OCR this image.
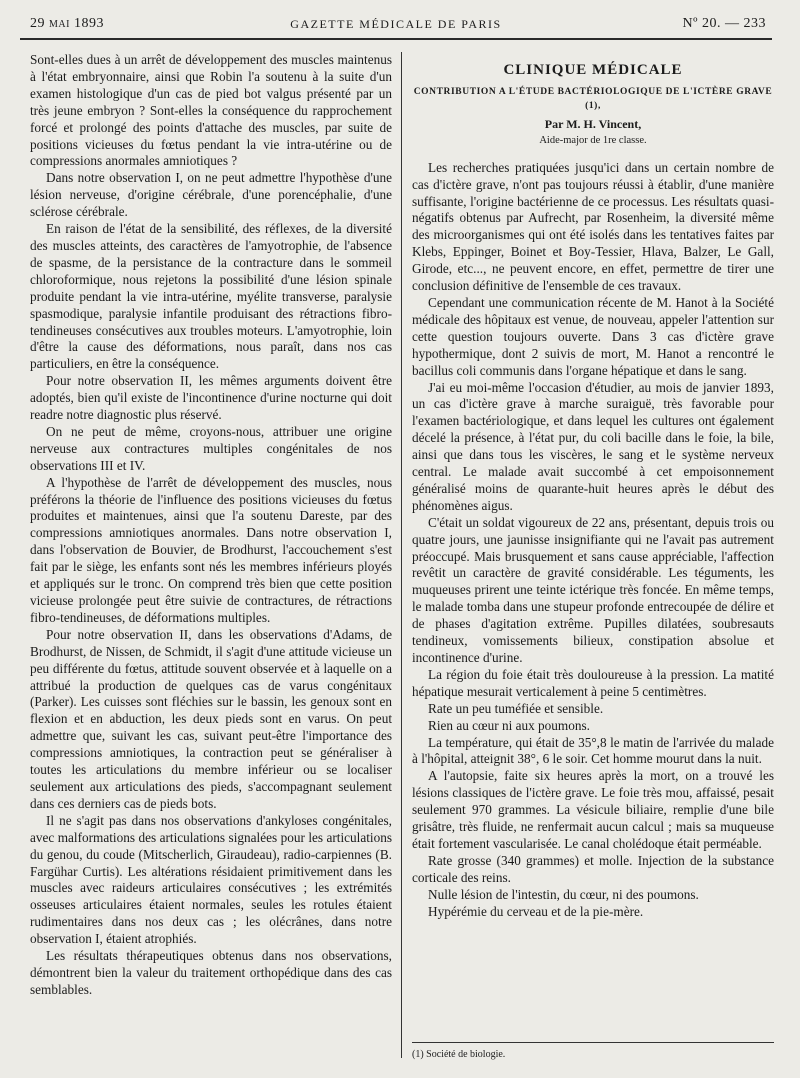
29 MAI 1893	GAZETTE MÉDICALE DE PARIS	Nº 20. — 233

Sont-elles dues à un arrêt de développement des muscles maintenus à l'état embryonnaire, ainsi que Robin l'a soutenu à la suite d'un examen histologique d'un cas de pied bot valgus présenté par un très jeune embryon ? Sont-elles la conséquence du rapprochement forcé et prolongé des points d'attache des muscles, par suite de positions vicieuses du fœtus pendant la vie intra-utérine ou de compressions anormales amniotiques ?

Dans notre observation I, on ne peut admettre l'hypothèse d'une lésion nerveuse, d'origine cérébrale, d'une porencéphalie, d'une sclérose cérébrale.

En raison de l'état de la sensibilité, des réflexes, de la diversité des muscles atteints, des caractères de l'amyotrophie, de l'absence de spasme, de la persistance de la contracture dans le sommeil chloroformique, nous rejetons la possibilité d'une lésion spinale produite pendant la vie intra-utérine, myélite transverse, paralysie spasmodique, paralysie infantile produisant des rétractions fibro-tendineuses consécutives aux troubles moteurs. L'amyotrophie, loin d'être la cause des déformations, nous paraît, dans nos cas particuliers, en être la conséquence.

Pour notre observation II, les mêmes arguments doivent être adoptés, bien qu'il existe de l'incontinence d'urine nocturne qui doit readre notre diagnostic plus réservé.

On ne peut de même, croyons-nous, attribuer une origine nerveuse aux contractures multiples congénitales de nos observations III et IV.

A l'hypothèse de l'arrêt de développement des muscles, nous préférons la théorie de l'influence des positions vicieuses du fœtus produites et maintenues, ainsi que l'a soutenu Dareste, par des compressions amniotiques anormales. Dans notre observation I, dans l'observation de Bouvier, de Brodhurst, l'accouchement s'est fait par le siège, les enfants sont nés les membres inférieurs ployés et appliqués sur le tronc. On comprend très bien que cette position vicieuse prolongée peut être suivie de contractures, de rétractions fibro-tendineuses, de déformations multiples.

Pour notre observation II, dans les observations d'Adams, de Brodhurst, de Nissen, de Schmidt, il s'agit d'une attitude vicieuse un peu différente du fœtus, attitude souvent observée et à laquelle on a attribué la production de quelques cas de varus congénitaux (Parker). Les cuisses sont fléchies sur le bassin, les genoux sont en flexion et en abduction, les deux pieds sont en varus. On peut admettre que, suivant les cas, suivant peut-être l'importance des compressions amniotiques, la contraction peut se généraliser à toutes les articulations du membre inférieur ou se localiser seulement aux articulations des pieds, s'accompagnant seulement dans ces derniers cas de pieds bots.

Il ne s'agit pas dans nos observations d'ankyloses congénitales, avec malformations des articulations signalées pour les articulations du genou, du coude (Mitscherlich, Giraudeau), radio-carpiennes (B. Fargühar Curtis). Les altérations résidaient primitivement dans les muscles avec raideurs articulaires consécutives ; les extrémités osseuses articulaires étaient normales, seules les rotules étaient rudimentaires dans nos deux cas ; les olécrânes, dans notre observation I, étaient atrophiés.

Les résultats thérapeutiques obtenus dans nos observations, démontrent bien la valeur du traitement orthopédique dans des cas semblables.

CLINIQUE MÉDICALE
CONTRIBUTION A L'ÉTUDE BACTÉRIOLOGIQUE DE L'ICTÈRE GRAVE (1),
Par M. H. Vincent,
Aide-major de 1re classe.

Les recherches pratiquées jusqu'ici dans un certain nombre de cas d'ictère grave, n'ont pas toujours réussi à établir, d'une manière suffisante, l'origine bactérienne de ce processus. Les résultats quasi-négatifs obtenus par Aufrecht, par Rosenheim, la diversité même des microorganismes qui ont été isolés dans les tentatives faites par Klebs, Eppinger, Boinet et Boy-Tessier, Hlava, Balzer, Le Gall, Girode, etc..., ne peuvent encore, en effet, permettre de tirer une conclusion définitive de l'ensemble de ces travaux.

Cependant une communication récente de M. Hanot à la Société médicale des hôpitaux est venue, de nouveau, appeler l'attention sur cette question toujours ouverte. Dans 3 cas d'ictère grave hypothermique, dont 2 suivis de mort, M. Hanot a rencontré le bacillus coli communis dans l'organe hépatique et dans le sang.

J'ai eu moi-même l'occasion d'étudier, au mois de janvier 1893, un cas d'ictère grave à marche suraiguë, très favorable pour l'examen bactériologique, et dans lequel les cultures ont également décelé la présence, à l'état pur, du coli bacille dans le foie, la bile, ainsi que dans tous les viscères, le sang et le système nerveux central. Le malade avait succombé à cet empoisonnement généralisé moins de quarante-huit heures après le début des phénomènes aigus.

C'était un soldat vigoureux de 22 ans, présentant, depuis trois ou quatre jours, une jaunisse insignifiante qui ne l'avait pas autrement préoccupé. Mais brusquement et sans cause appréciable, l'affection revêtit un caractère de gravité considérable. Les téguments, les muqueuses prirent une teinte ictérique très foncée. En même temps, le malade tomba dans une stupeur profonde entrecoupée de délire et de phases d'agitation extrême. Pupilles dilatées, soubresauts tendineux, vomissements bilieux, constipation absolue et incontinence d'urine.

La région du foie était très douloureuse à la pression. La matité hépatique mesurait verticalement à peine 5 centimètres.

Rate un peu tuméfiée et sensible.

Rien au cœur ni aux poumons.

La température, qui était de 35°,8 le matin de l'arrivée du malade à l'hôpital, atteignit 38°, 6 le soir. Cet homme mourut dans la nuit.

A l'autopsie, faite six heures après la mort, on a trouvé les lésions classiques de l'ictère grave. Le foie très mou, affaissé, pesait seulement 970 grammes. La vésicule biliaire, remplie d'une bile grisâtre, très fluide, ne renfermait aucun calcul ; mais sa muqueuse était fortement vascularisée. Le canal cholédoque était perméable.

Rate grosse (340 grammes) et molle. Injection de la substance corticale des reins.

Nulle lésion de l'intestin, du cœur, ni des poumons.

Hypérémie du cerveau et de la pie-mère.

(1) Société de biologie.
